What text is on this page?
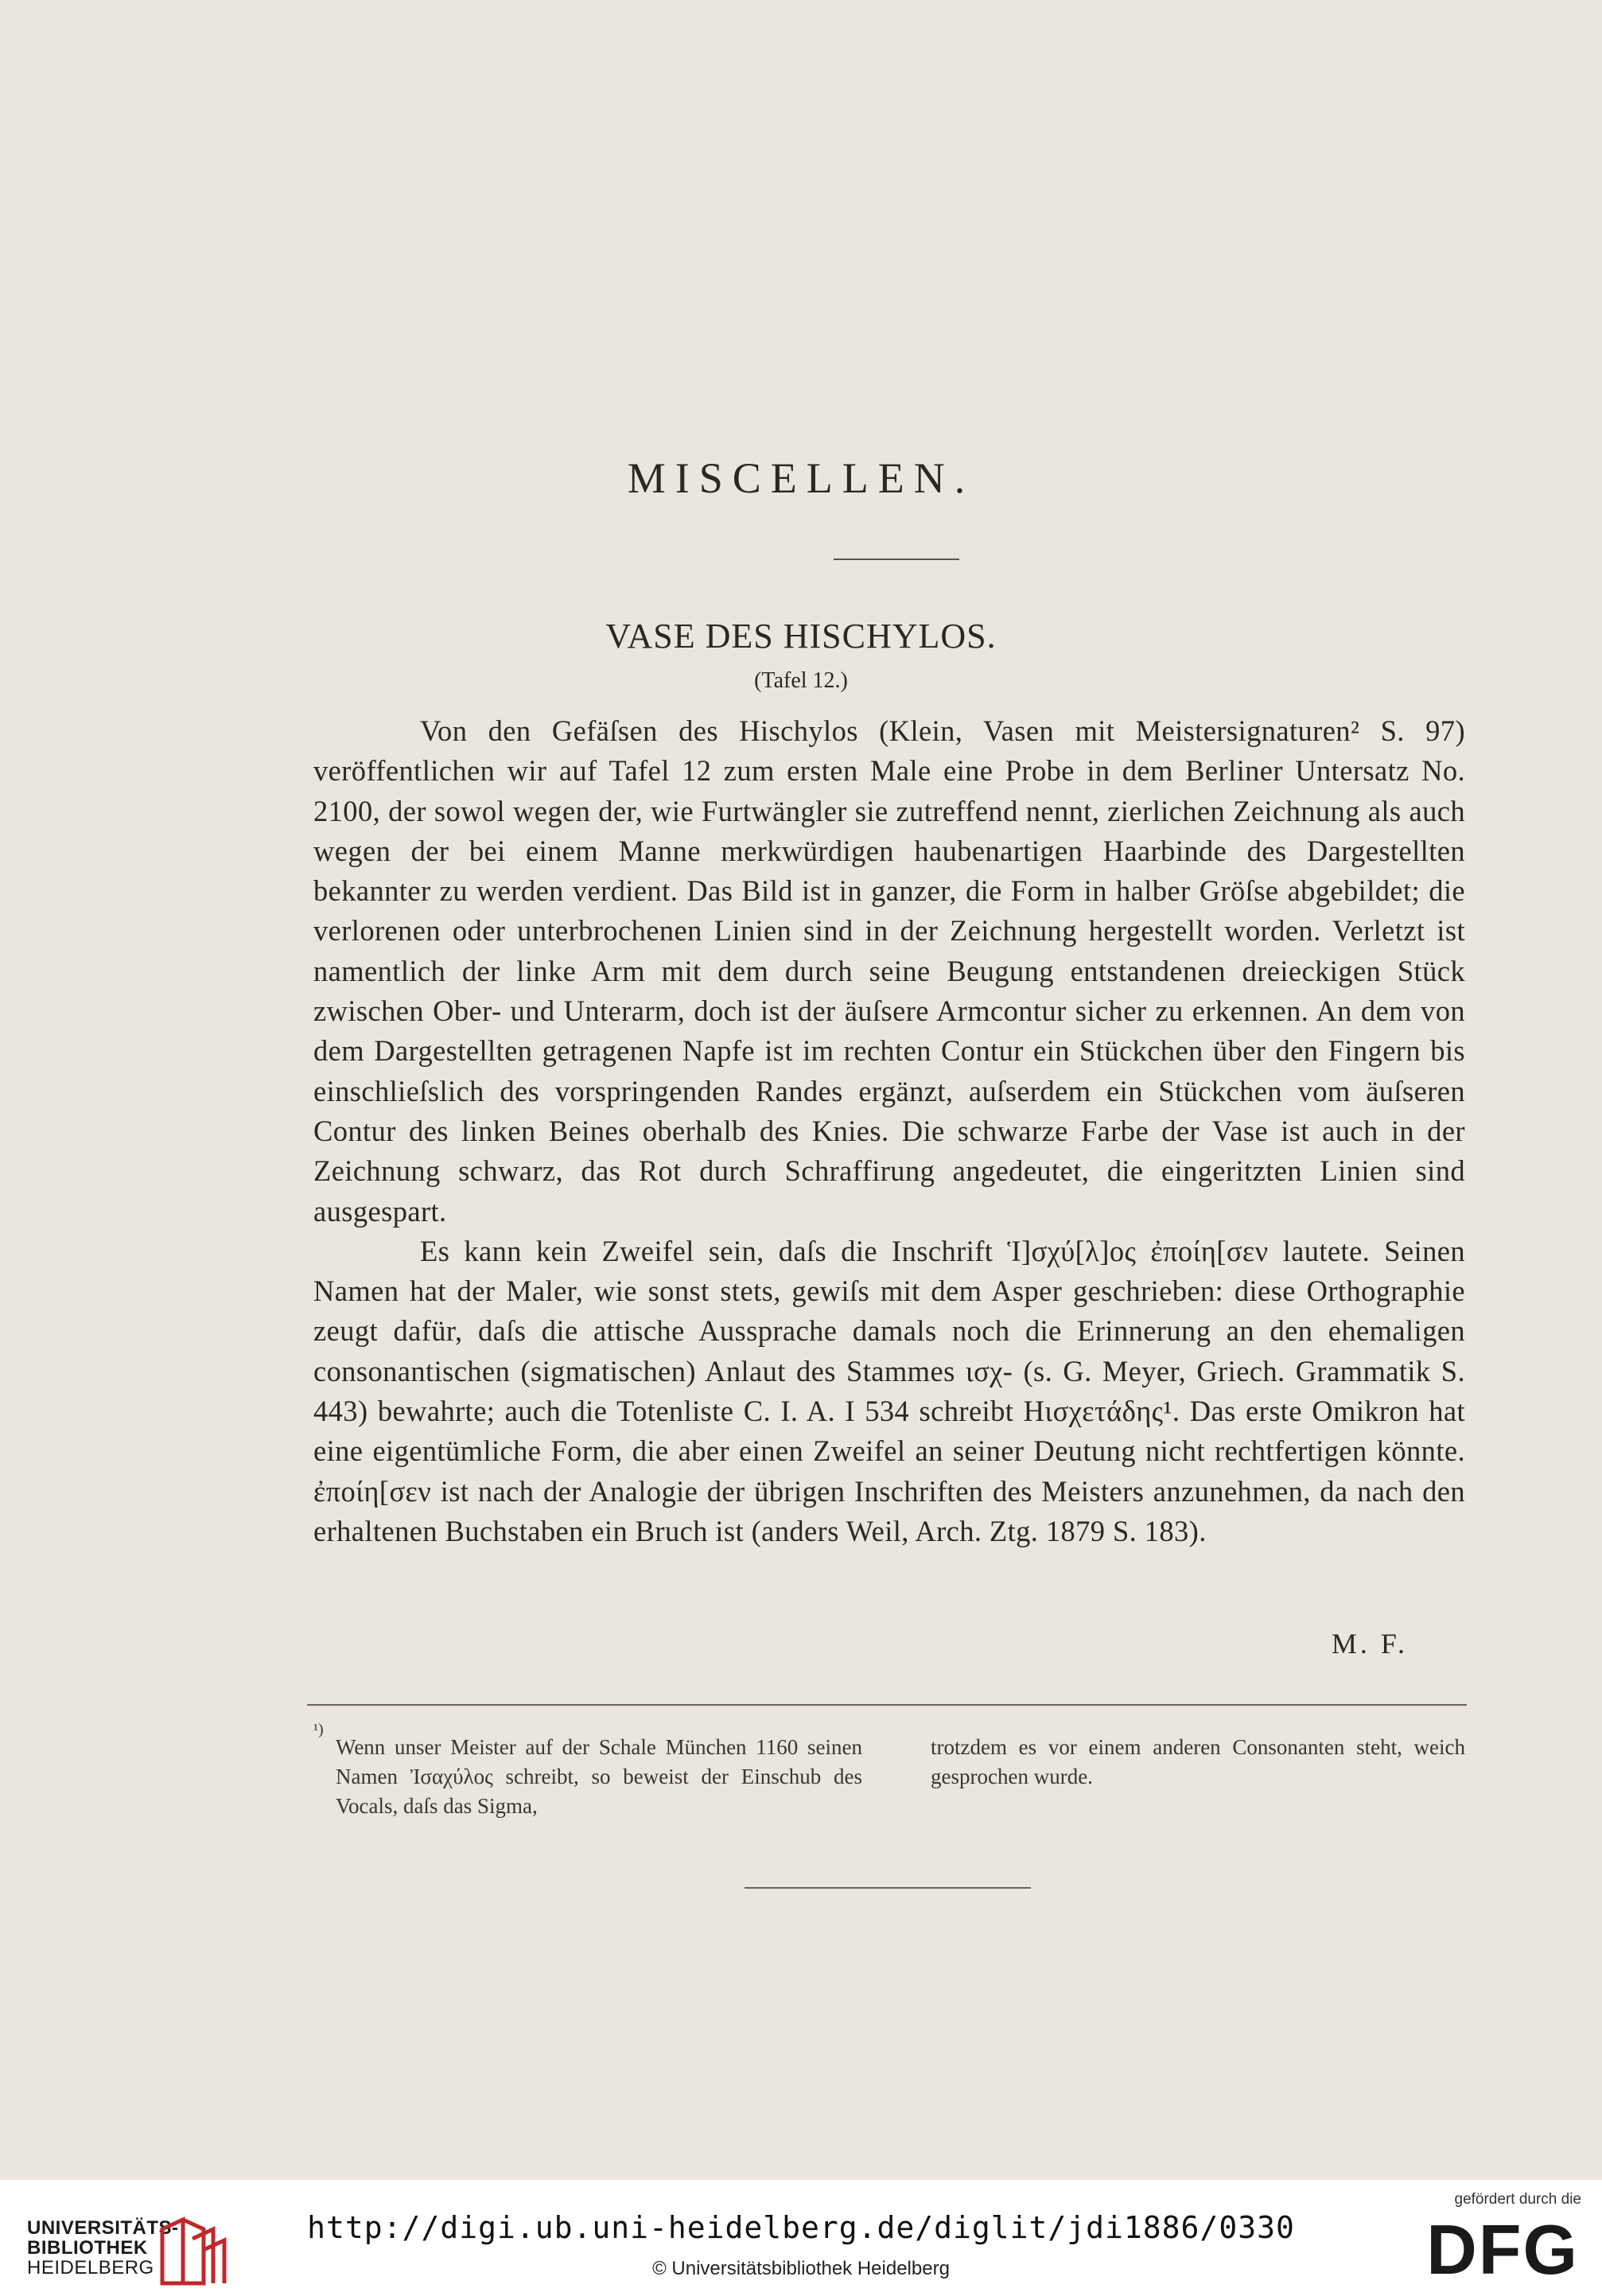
MISCELLEN.
VASE DES HISCHYLOS.
(Tafel 12.)

Von den Gefäſsen des Hischylos (Klein, Vasen mit Meistersignaturen² S. 97) veröffentlichen wir auf Tafel 12 zum ersten Male eine Probe in dem Berliner Untersatz No. 2100, der sowol wegen der, wie Furtwängler sie zutreffend nennt, zierlichen Zeichnung als auch wegen der bei einem Manne merkwürdigen haubenartigen Haarbinde des Dargestellten bekannter zu werden verdient. Das Bild ist in ganzer, die Form in halber Gröſse abgebildet; die verlorenen oder unterbrochenen Linien sind in der Zeichnung hergestellt worden. Verletzt ist namentlich der linke Arm mit dem durch seine Beugung entstandenen dreieckigen Stück zwischen Ober- und Unterarm, doch ist der äuſsere Armcontur sicher zu erkennen. An dem von dem Dargestellten getragenen Napfe ist im rechten Contur ein Stückchen über den Fingern bis einschlieſslich des vorspringenden Randes ergänzt, auſserdem ein Stückchen vom äuſseren Contur des linken Beines oberhalb des Knies. Die schwarze Farbe der Vase ist auch in der Zeichnung schwarz, das Rot durch Schraffirung angedeutet, die eingeritzten Linien sind ausgespart.

Es kann kein Zweifel sein, daſs die Inschrift Ἱ]σχύ[λ]ος ἐποίη[σεν lautete. Seinen Namen hat der Maler, wie sonst stets, gewiſs mit dem Asper geschrieben: diese Orthographie zeugt dafür, daſs die attische Aussprache damals noch die Erinnerung an den ehemaligen consonantischen (sigmatischen) Anlaut des Stammes ισχ- (s. G. Meyer, Griech. Grammatik S. 443) bewahrte; auch die Totenliste C. I. A. I 534 schreibt Hισχετάδης¹. Das erste Omikron hat eine eigentümliche Form, die aber einen Zweifel an seiner Deutung nicht rechtfertigen könnte. ἐποίη[σεν ist nach der Analogie der übrigen Inschriften des Meisters anzunehmen, da nach den erhaltenen Buchstaben ein Bruch ist (anders Weil, Arch. Ztg. 1879 S. 183).

M. F.
¹)
Wenn unser Meister auf der Schale München 1160 seinen Namen Ἰσαχύλος schreibt, so beweist der Einschub des Vocals, daſs das Sigma,
trotzdem es vor einem anderen Consonanten steht, weich gesprochen wurde.
UNIVERSITÄTS-
BIBLIOTHEK
HEIDELBERG
http://digi.ub.uni-heidelberg.de/diglit/jdi1886/0330
© Universitätsbibliothek Heidelberg
gefördert durch die
DFG
